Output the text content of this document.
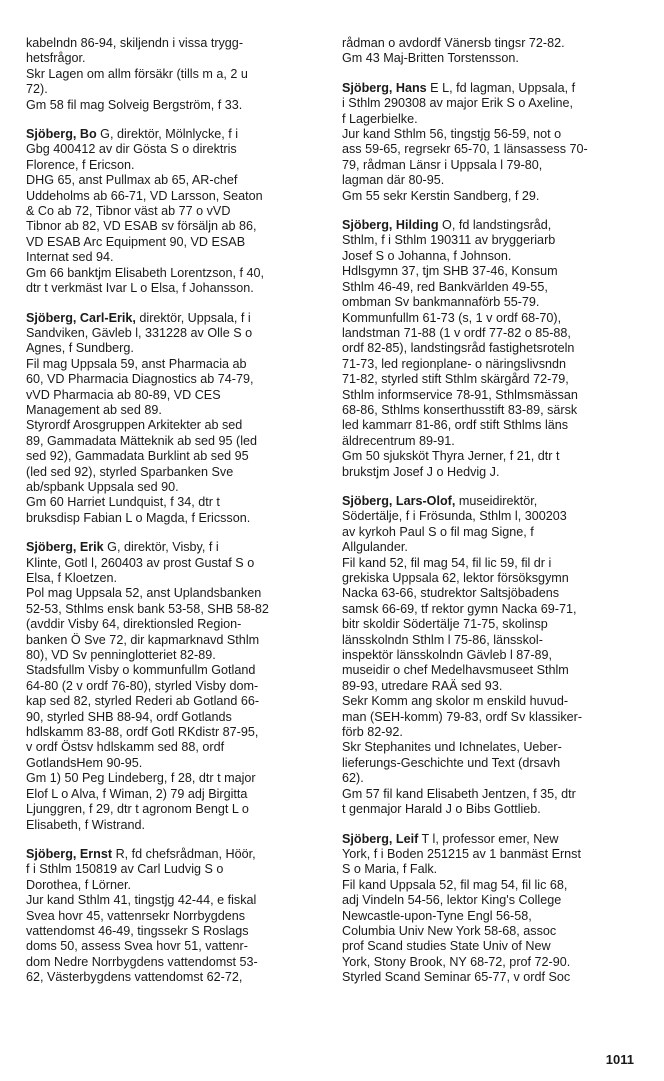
kabelndn 86-94, skiljendn i vissa trygg-
hetsfrågor.
Skr Lagen om allm försäkr (tills m a, 2 u
72).
Gm 58 fil mag Solveig Bergström, f 33.
Sjöberg, Bo G, direktör, Mölnlycke, f i
Gbg 400412 av dir Gösta S o direktris
Florence, f Ericson.
DHG 65, anst Pullmax ab 65, AR-chef
Uddeholms ab 66-71, VD Larsson, Seaton
& Co ab 72, Tibnor väst ab 77 o vVD
Tibnor ab 82, VD ESAB sv försäljn ab 86,
VD ESAB Arc Equipment 90, VD ESAB
Internat sed 94.
Gm 66 banktjm Elisabeth Lorentzson, f 40,
dtr t verkmäst Ivar L o Elsa, f Johansson.
Sjöberg, Carl-Erik, direktör, Uppsala, f i
Sandviken, Gävleb l, 331228 av Olle S o
Agnes, f Sundberg.
Fil mag Uppsala 59, anst Pharmacia ab
60, VD Pharmacia Diagnostics ab 74-79,
vVD Pharmacia ab 80-89, VD CES
Management ab sed 89.
Styrordf Arosgruppen Arkitekter ab sed
89, Gammadata Mätteknik ab sed 95 (led
sed 92), Gammadata Burklint ab sed 95
(led sed 92), styrled Sparbanken Sve
ab/spbank Uppsala sed 90.
Gm 60 Harriet Lundquist, f 34, dtr t
bruksdisp Fabian L o Magda, f Ericsson.
Sjöberg, Erik G, direktör, Visby, f i
Klinte, Gotl l, 260403 av prost Gustaf S o
Elsa, f Kloetzen.
Pol mag Uppsala 52, anst Uplandsbanken
52-53, Sthlms ensk bank 53-58, SHB 58-82
(avddir Visby 64, direktionsled Region-
banken Ö Sve 72, dir kapmarknavd Sthlm
80), VD Sv penninglotteriet 82-89.
Stadsfullm Visby o kommunfullm Gotland
64-80 (2 v ordf 76-80), styrled Visby dom-
kap sed 82, styrled Rederi ab Gotland 66-
90, styrled SHB 88-94, ordf Gotlands
hdlskamm 83-88, ordf Gotl RKdistr 87-95,
v ordf Östsv hdlskamm sed 88, ordf
GotlandsHem 90-95.
Gm 1) 50 Peg Lindeberg, f 28, dtr t major
Elof L o Alva, f Wiman, 2) 79 adj Birgitta
Ljunggren, f 29, dtr t agronom Bengt L o
Elisabeth, f Wistrand.
Sjöberg, Ernst R, fd chefsrådman, Höör,
f i Sthlm 150819 av Carl Ludvig S o
Dorothea, f Lörner.
Jur kand Sthlm 41, tingstjg 42-44, e fiskal
Svea hovr 45, vattenrsekr Norrbygdens
vattendomst 46-49, tingssekr S Roslags
doms 50, assess Svea hovr 51, vattenr-
dom Nedre Norrbygdens vattendomst 53-
62, Västerbygdens vattendomst 62-72,
rådman o avdordf Vänersb tingsr 72-82.
Gm 43 Maj-Britten Torstensson.
Sjöberg, Hans E L, fd lagman, Uppsala, f
i Sthlm 290308 av major Erik S o Axeline,
f Lagerbielke.
Jur kand Sthlm 56, tingstjg 56-59, not o
ass 59-65, regrsekr 65-70, 1 länsassess 70-
79, rådman Länsr i Uppsala l 79-80,
lagman där 80-95.
Gm 55 sekr Kerstin Sandberg, f 29.
Sjöberg, Hilding O, fd landstingsråd,
Sthlm, f i Sthlm 190311 av bryggeriarb
Josef S o Johanna, f Johnson.
Hdlsgymn 37, tjm SHB 37-46, Konsum
Sthlm 46-49, red Bankvärlden 49-55,
ombman Sv bankmannaförb 55-79.
Kommunfullm 61-73 (s, 1 v ordf 68-70),
landstman 71-88 (1 v ordf 77-82 o 85-88,
ordf 82-85), landstingsråd fastighetsroteln
71-73, led regionplane- o näringslivsndn
71-82, styrled stift Sthlm skärgård 72-79,
Sthlm informservice 78-91, Sthlmsmässan
68-86, Sthlms konserthusstift 83-89, särsk
led kammarr 81-86, ordf stift Sthlms läns
äldrecentrum 89-91.
Gm 50 sjuksköt Thyra Jerner, f 21, dtr t
brukstjm Josef J o Hedvig J.
Sjöberg, Lars-Olof, museidirektör,
Södertälje, f i Frösunda, Sthlm l, 300203
av kyrkoh Paul S o fil mag Signe, f
Allgulander.
Fil kand 52, fil mag 54, fil lic 59, fil dr i
grekiska Uppsala 62, lektor försöksgymn
Nacka 63-66, studrektor Saltsjöbadens
samsk 66-69, tf rektor gymn Nacka 69-71,
bitr skoldir Södertälje 71-75, skolinsp
länsskolndn Sthlm l 75-86, länsskol-
inspektör länsskolndn Gävleb l 87-89,
museidir o chef Medelhavsmuseet Sthlm
89-93, utredare RAÄ sed 93.
Sekr Komm ang skolor m enskild huvud-
man (SEH-komm) 79-83, ordf Sv klassiker-
förb 82-92.
Skr Stephanites und Ichnelates, Ueber-
lieferungs-Geschichte und Text (drsavh
62).
Gm 57 fil kand Elisabeth Jentzen, f 35, dtr
t genmajor Harald J o Bibs Gottlieb.
Sjöberg, Leif T l, professor emer, New
York, f i Boden 251215 av 1 banmäst Ernst
S o Maria, f Falk.
Fil kand Uppsala 52, fil mag 54, fil lic 68,
adj Vindeln 54-56, lektor King's College
Newcastle-upon-Tyne Engl 56-58,
Columbia Univ New York 58-68, assoc
prof Scand studies State Univ of New
York, Stony Brook, NY 68-72, prof 72-90.
Styrled Scand Seminar 65-77, v ordf Soc
1011
